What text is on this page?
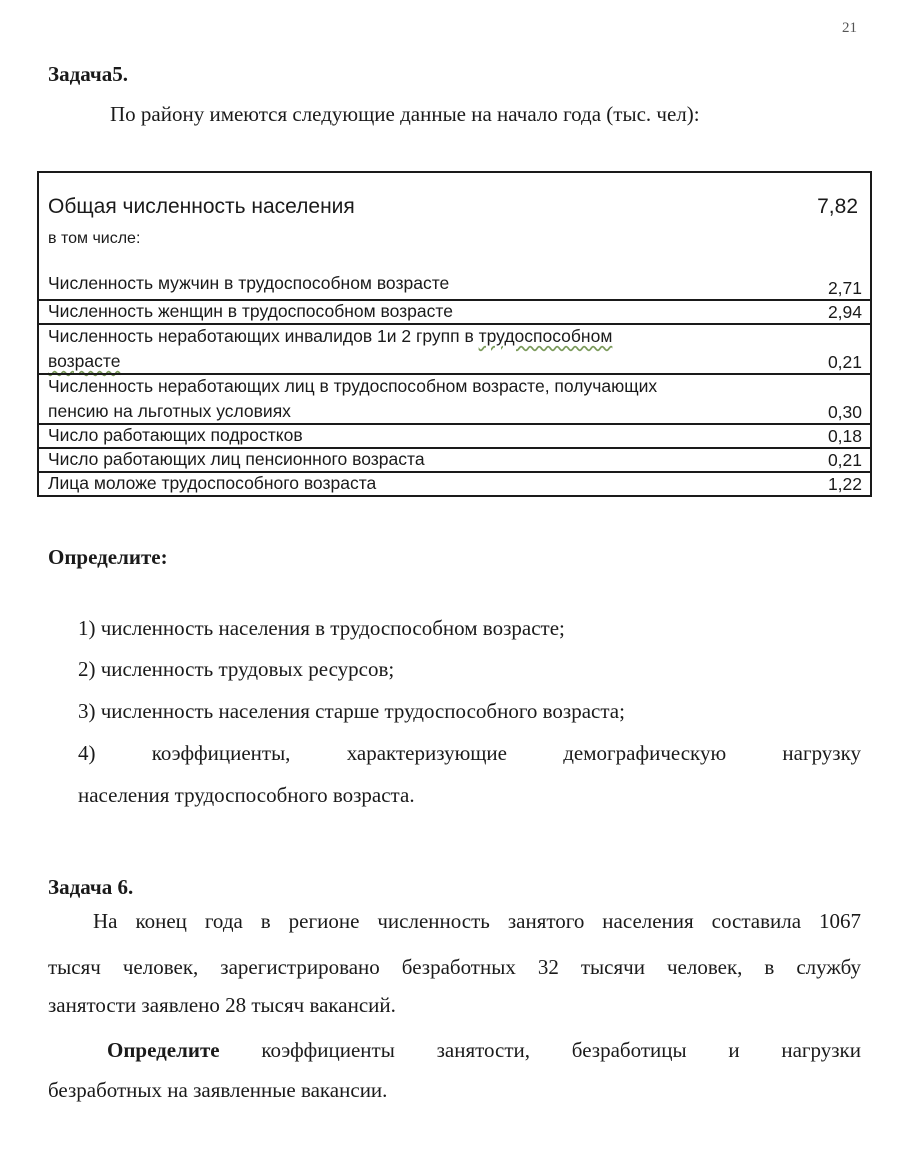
21
Задача5.
По району имеются следующие данные на начало года (тыс. чел):
Общая численность населения	7,82
в том числе:
Численность мужчин в трудоспособном возрасте	2,71
Численность женщин в трудоспособном возрасте	2,94
Численность неработающих инвалидов 1и 2 групп в трудоспособном
возрасте	0,21
Численность неработающих лиц в трудоспособном возрасте, получающих
пенсию на льготных условиях	0,30
Число работающих подростков	0,18
Число работающих лиц пенсионного возраста	0,21
Лица моложе трудоспособного возраста	1,22
Определите:
1) численность населения в трудоспособном возрасте;
2) численность трудовых ресурсов;
3) численность населения старше трудоспособного возраста;
4) коэффициенты, характеризующие демографическую нагрузку
населения трудоспособного возраста.
Задача 6.
На конец года в регионе численность занятого населения составила 1067
тысяч человек, зарегистрировано безработных 32 тысячи человек, в службу
занятости заявлено 28 тысяч вакансий.
Определите коэффициенты занятости, безработицы и нагрузки
безработных на заявленные вакансии.
